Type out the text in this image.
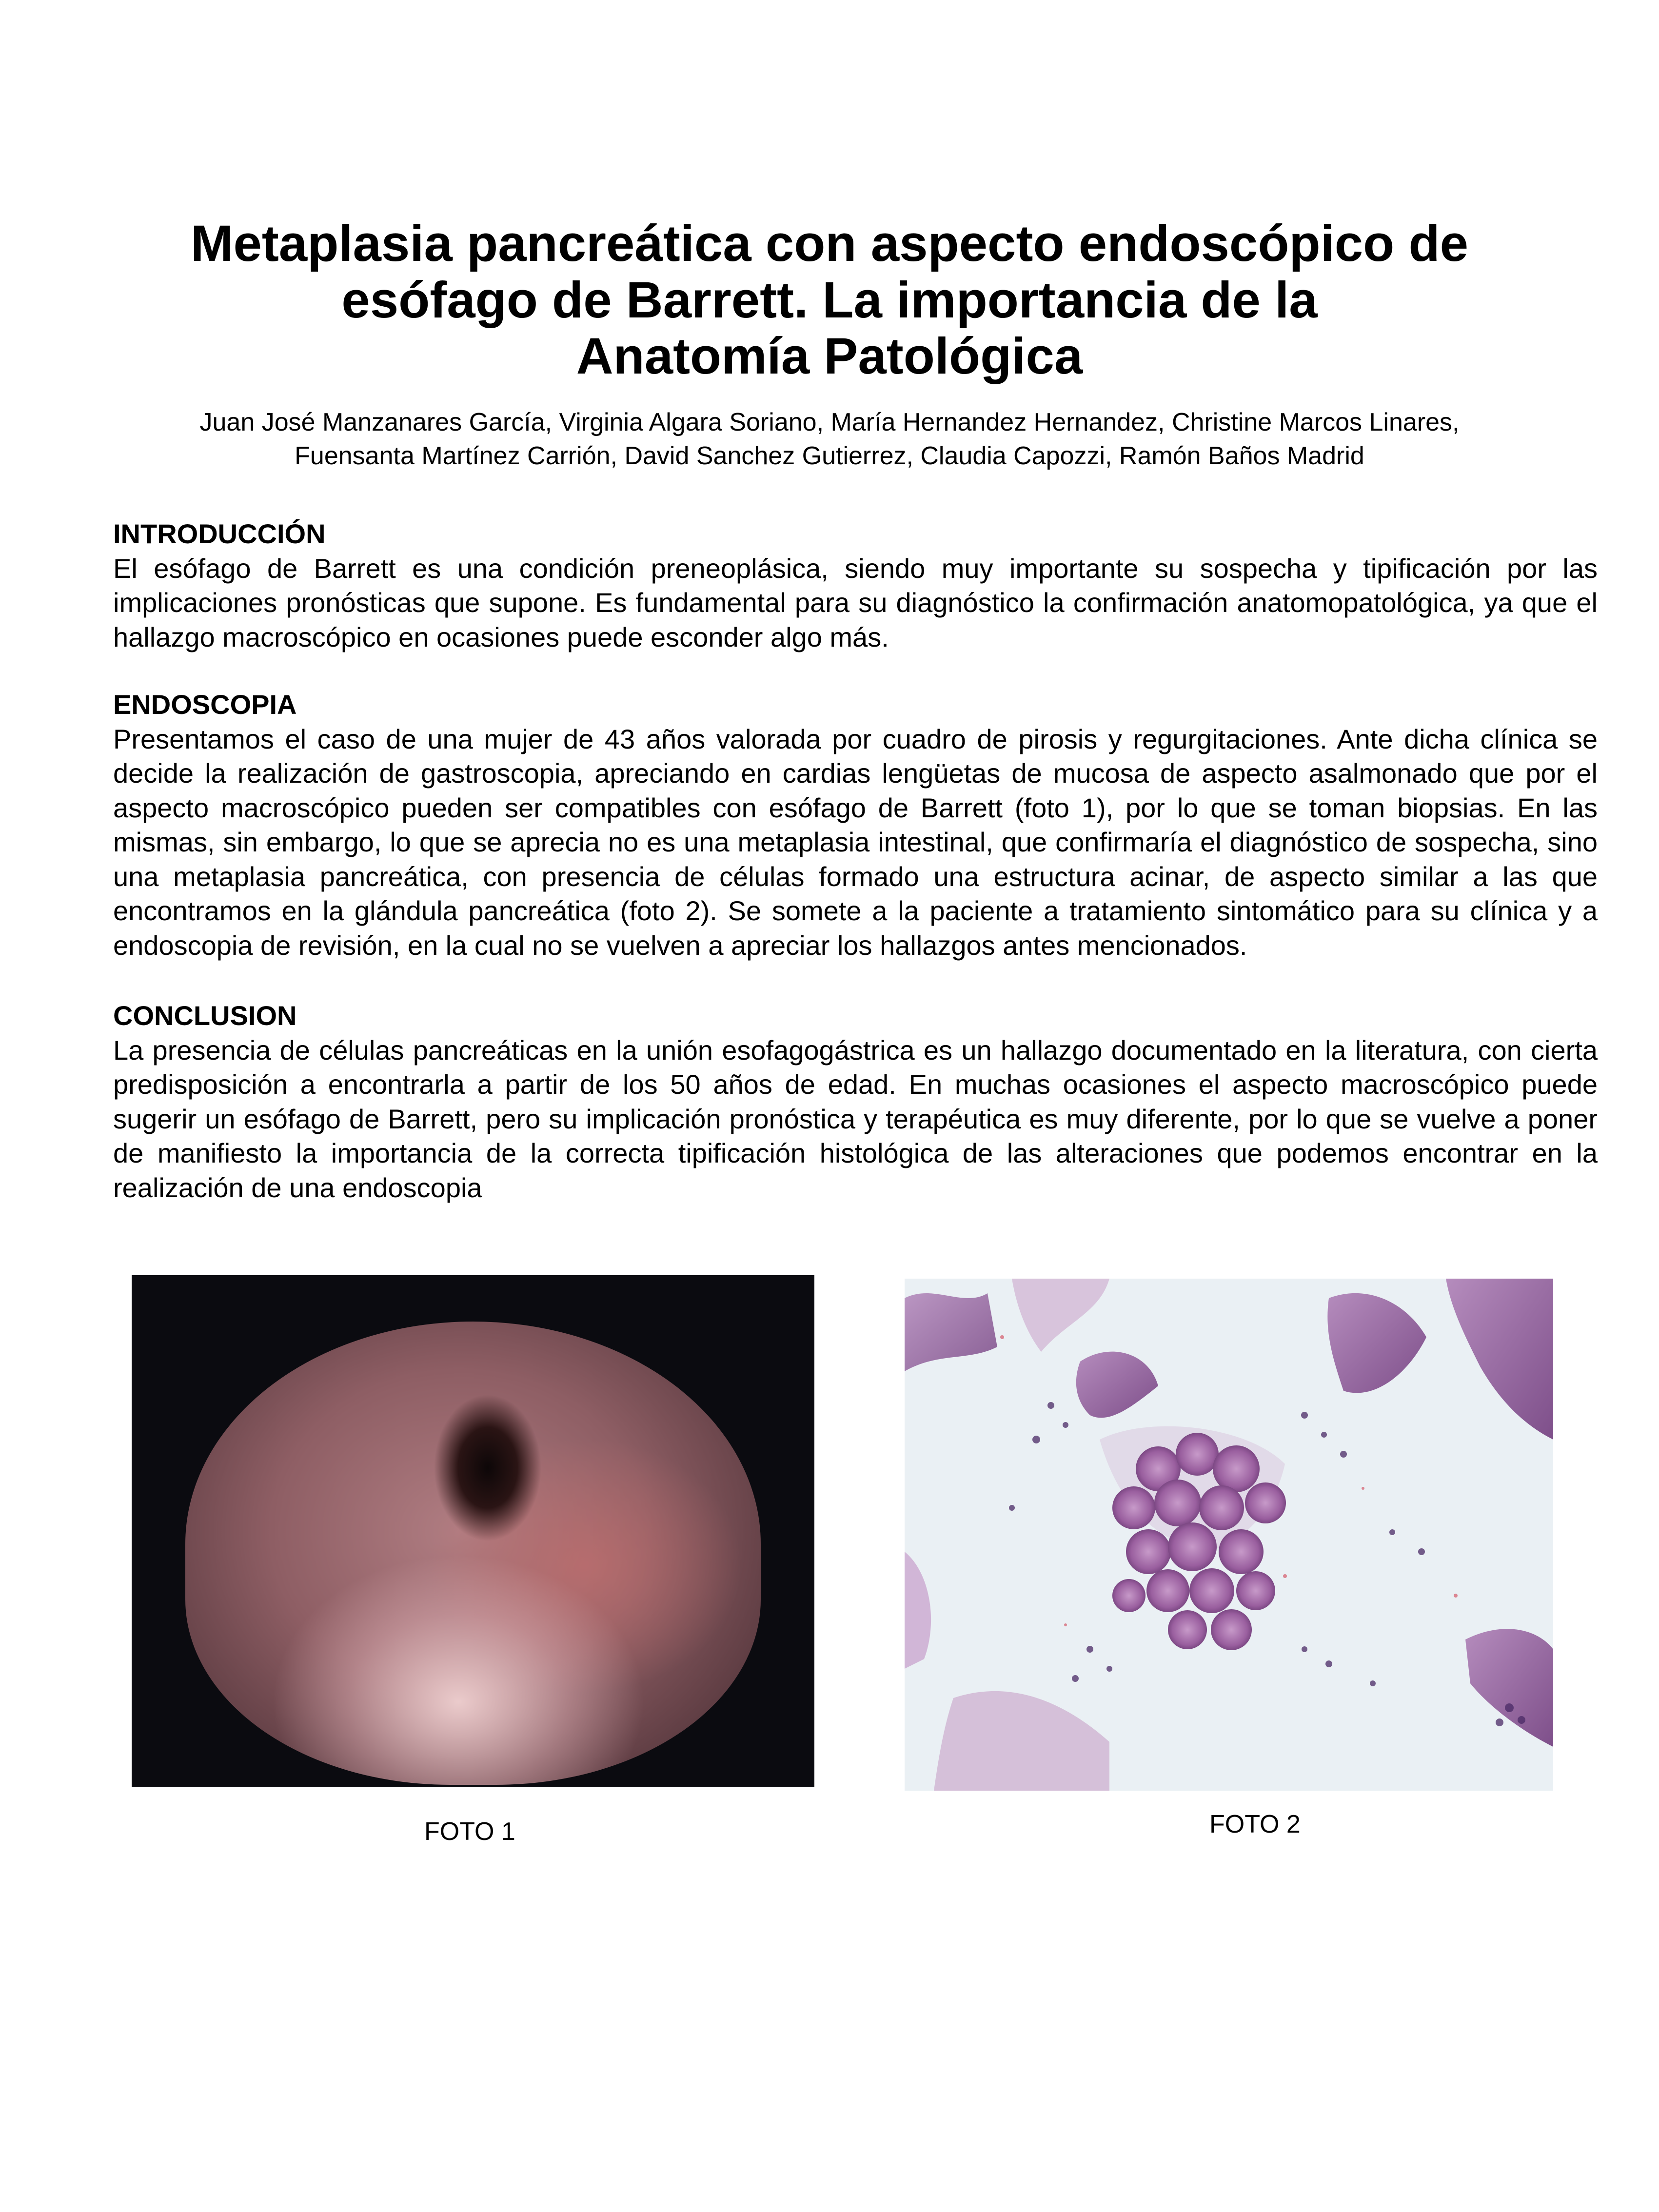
Metaplasia pancreática con aspecto endoscópico de
esófago de Barrett. La importancia de la
Anatomía Patológica
Juan José Manzanares García, Virginia Algara Soriano, María Hernandez Hernandez, Christine Marcos Linares,
Fuensanta Martínez Carrión, David Sanchez Gutierrez, Claudia Capozzi, Ramón Baños Madrid
INTRODUCCIÓN

El esófago de Barrett es una condición preneoplásica, siendo muy importante su sospecha y tipificación por las implicaciones pronósticas que supone. Es fundamental para su diagnóstico la confirmación anatomopatológica, ya que el hallazgo macroscópico en ocasiones puede esconder algo más.

ENDOSCOPIA

Presentamos el caso de una mujer de 43 años valorada por cuadro de pirosis y regurgitaciones. Ante dicha clínica se decide la realización de gastroscopia, apreciando en cardias lengüetas de mucosa de aspecto asalmonado que por el aspecto macroscópico pueden ser compatibles con esófago de Barrett (foto 1), por lo que se toman biopsias. En las mismas, sin embargo, lo que se aprecia no es una metaplasia intestinal, que confirmaría el diagnóstico de sospecha, sino una metaplasia pancreática, con presencia de células formado una estructura acinar, de aspecto similar a las que encontramos en la glándula pancreática (foto 2). Se somete a la paciente a tratamiento sintomático para su clínica y a endoscopia de revisión, en la cual no se vuelven a apreciar los hallazgos antes mencionados.

CONCLUSION

La presencia de células pancreáticas en la unión esofagogástrica es un hallazgo documentado en la literatura, con cierta predisposición a encontrarla a partir de los 50 años de edad. En muchas ocasiones el aspecto macroscópico puede sugerir un esófago de Barrett, pero su implicación pronóstica y terapéutica es muy diferente, por lo que se vuelve a poner de manifiesto la importancia de la correcta tipificación histológica de las alteraciones que podemos encontrar en la realización de una endoscopia

FOTO 1	FOTO 2
